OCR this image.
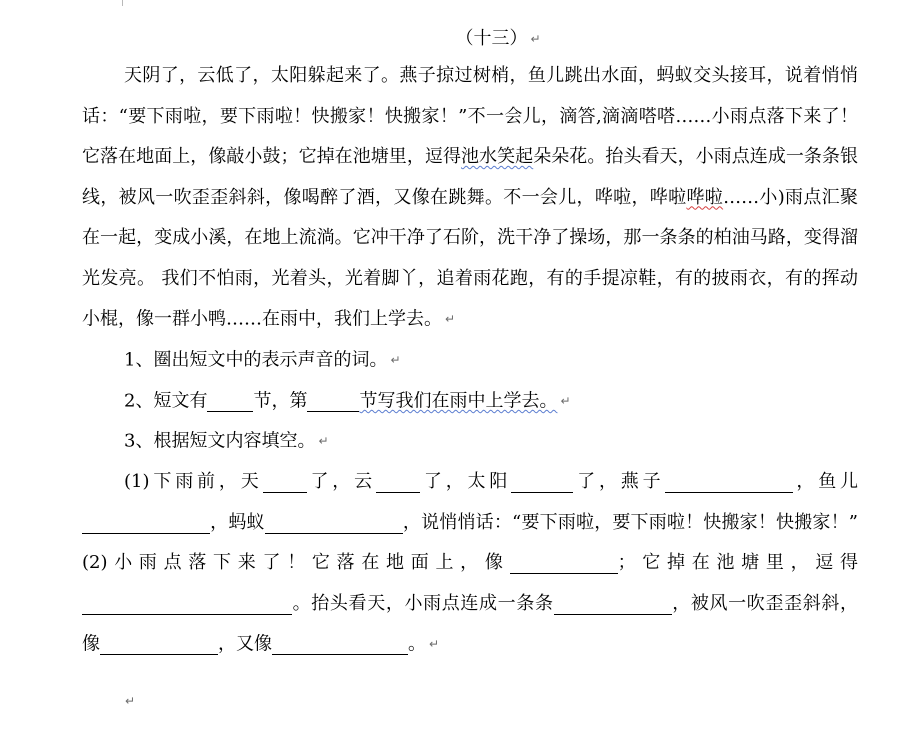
（十三） ↵

天阴了，云低了，太阳躲起来了。燕子掠过树梢，鱼儿跳出水面，蚂蚁交头接耳，说着悄悄话：“要下雨啦，要下雨啦！快搬家！快搬家！”不一会儿，滴答,滴滴嗒嗒……小雨点落下来了！它落在地面上，像敲小鼓；它掉在池塘里，逗得池水笑起朵朵花。抬头看天，小雨点连成一条条银线，被风一吹歪歪斜斜，像喝醉了酒，又像在跳舞。不一会儿，哗啦，哗啦哗啦……小)雨点汇聚在一起，变成小溪，在地上流淌。它冲干净了石阶，洗干净了操场，那一条条的柏油马路，变得溜光发亮。 我们不怕雨，光着头，光着脚丫，追着雨花跑，有的手提凉鞋，有的披雨衣，有的挥动小棍，像一群小鸭……在雨中，我们上学去。 ↵

1、圈出短文中的表示声音的词。 ↵

2、短文有	节，第	节写我们在雨中上学去。 ↵

3、根据短文内容填空。 ↵

(1)下雨前，天 了，云 了，太阳	了，燕子	，鱼儿，蚂蚁	，说悄悄话：“要下雨啦，要下雨啦！快搬家！快搬家！” (2)小雨点落下来了！它落在地面上，像	；它掉在池塘里，逗得。抬头看天，小雨点连成一条条	，被风一吹歪歪斜斜，像	，又像	。 ↵

↵
